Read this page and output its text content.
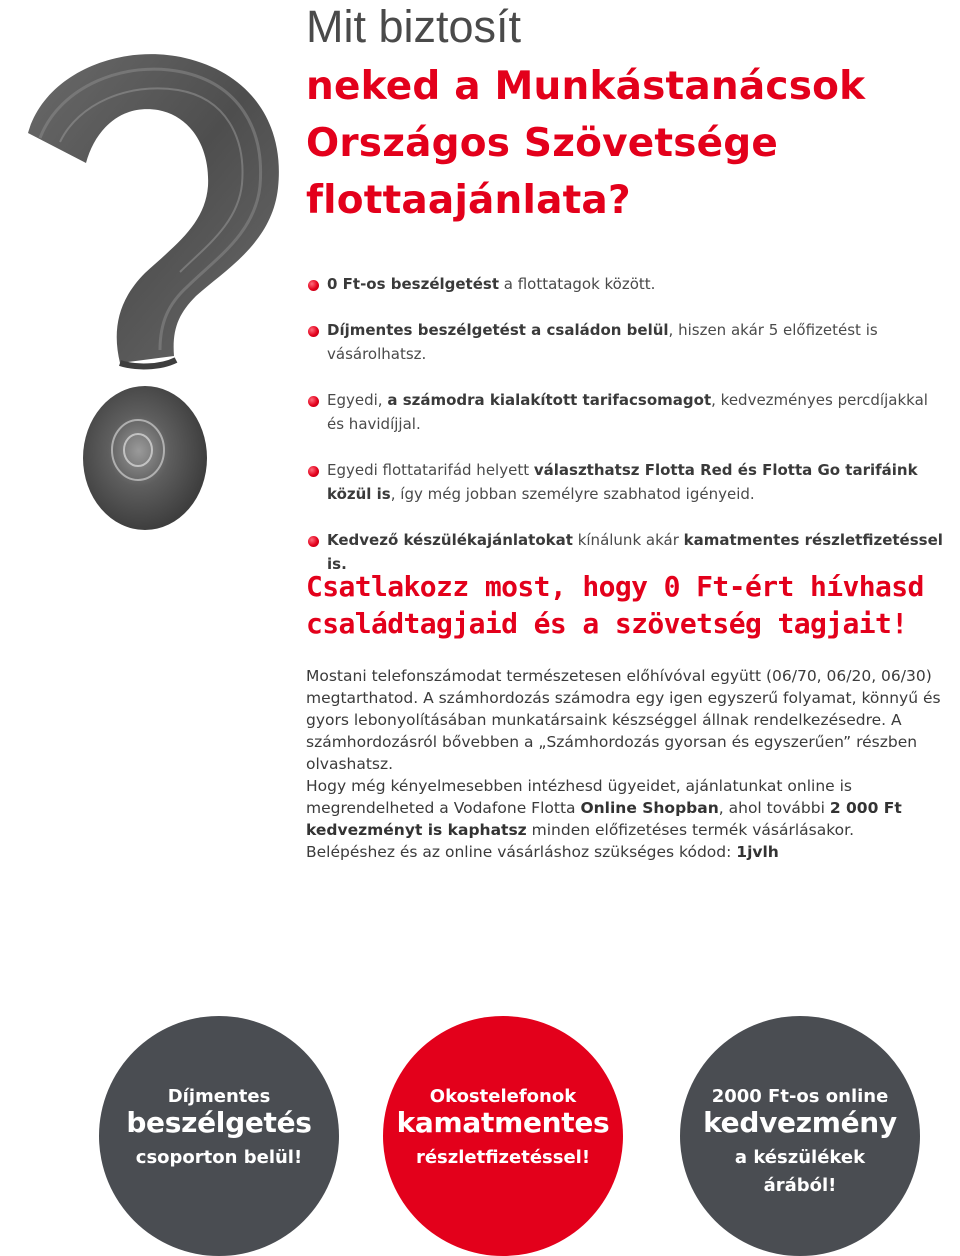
Mit biztosít
neked a Munkástanácsok
Országos Szövetsége
flottaajánlata?
0 Ft-os beszélgetést a flottatagok között.
Díjmentes beszélgetést a családon belül, hiszen akár 5 előfizetést is vásárolhatsz.
Egyedi, a számodra kialakított tarifacsomagot, kedvezményes percdíjakkal és havidíjjal.
Egyedi flottatarifád helyett választhatsz Flotta Red és Flotta Go tarifáink közül is, így még jobban személyre szabhatod igényeid.
Kedvező készülékajánlatokat kínálunk akár kamatmentes részletfizetéssel is.
Csatlakozz most, hogy 0 Ft-ért hívhasd
családtagjaid és a szövetség tagjait!

Mostani telefonszámodat természetesen előhívóval együtt (06/70, 06/20, 06/30) megtarthatod. A számhordozás számodra egy igen egyszerű folyamat, könnyű és gyors lebonyolításában munkatársaink készséggel állnak rendelkezésedre. A számhordozásról bővebben a „Számhordozás gyorsan és egyszerűen” részben olvashatsz.

Hogy még kényelmesebben intézhesd ügyeidet, ajánlatunkat online is megrendelheted a Vodafone Flotta Online Shopban, ahol további 2 000 Ft kedvezményt is kaphatsz minden előfizetéses termék vásárlásakor. Belépéshez és az online vásárláshoz szükséges kódod: 1jvlh

Díjmentes
beszélgetés
csoporton belül!
Okostelefonok
kamatmentes
részletfizetéssel!
2000 Ft-os online
kedvezmény
a készülékek árából!
